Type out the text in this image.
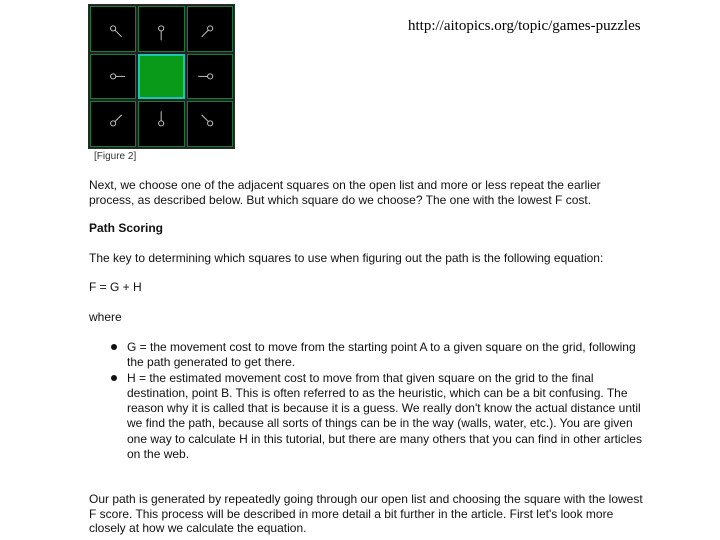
http://aitopics.org/topic/games-puzzles
[Figure 2]

Next, we choose one of the adjacent squares on the open list and more or less repeat the earlier process, as described below. But which square do we choose? The one with the lowest F cost.

Path Scoring

The key to determining which squares to use when figuring out the path is the following equation:

F = G + H

where

G = the movement cost to move from the starting point A to a given square on the grid, following the path generated to get there.
H = the estimated movement cost to move from that given square on the grid to the final destination, point B. This is often referred to as the heuristic, which can be a bit confusing. The reason why it is called that is because it is a guess. We really don't know the actual distance until we find the path, because all sorts of things can be in the way (walls, water, etc.). You are given one way to calculate H in this tutorial, but there are many others that you can find in other articles on the web.

Our path is generated by repeatedly going through our open list and choosing the square with the lowest F score. This process will be described in more detail a bit further in the article. First let's look more closely at how we calculate the equation.
